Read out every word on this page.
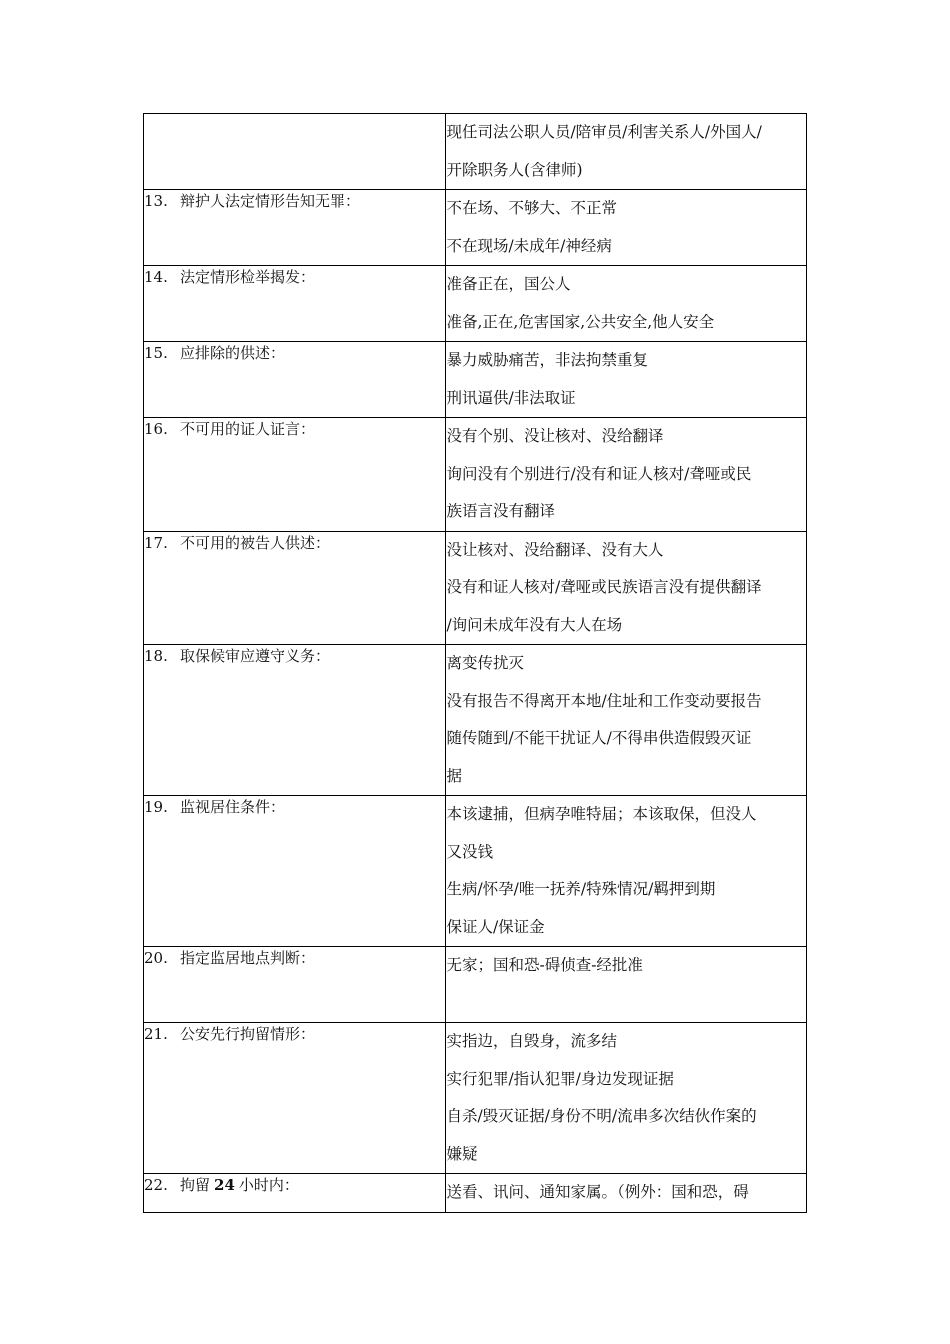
	现任司法公职人员/陪审员/利害关系人/外国人/
开除职务人(含律师)

13. 辩护人法定情形告知无罪：	不在场、不够大、不正常
不在现场/未成年/神经病

14. 法定情形检举揭发：	准备正在，国公人
准备,正在,危害国家,公共安全,他人安全

15. 应排除的供述：	暴力威胁痛苦，非法拘禁重复
刑讯逼供/非法取证

16. 不可用的证人证言：	没有个别、没让核对、没给翻译
询问没有个别进行/没有和证人核对/聋哑或民
族语言没有翻译

17. 不可用的被告人供述：	没让核对、没给翻译、没有大人
没有和证人核对/聋哑或民族语言没有提供翻译
/询问未成年没有大人在场

18. 取保候审应遵守义务：	离变传扰灭
没有报告不得离开本地/住址和工作变动要报告
随传随到/不能干扰证人/不得串供造假毁灭证
据

19. 监视居住条件：	本该逮捕，但病孕唯特届；本该取保，但没人
又没钱
生病/怀孕/唯一抚养/特殊情况/羁押到期
保证人/保证金

20. 指定监居地点判断：	无家；国和恐-碍侦查-经批准

21. 公安先行拘留情形：	实指边，自毁身，流多结
实行犯罪/指认犯罪/身边发现证据
自杀/毁灭证据/身份不明/流串多次结伙作案的
嫌疑

22. 拘留 24 小时内：	送看、讯问、通知家属。（例外：国和恐，碍
